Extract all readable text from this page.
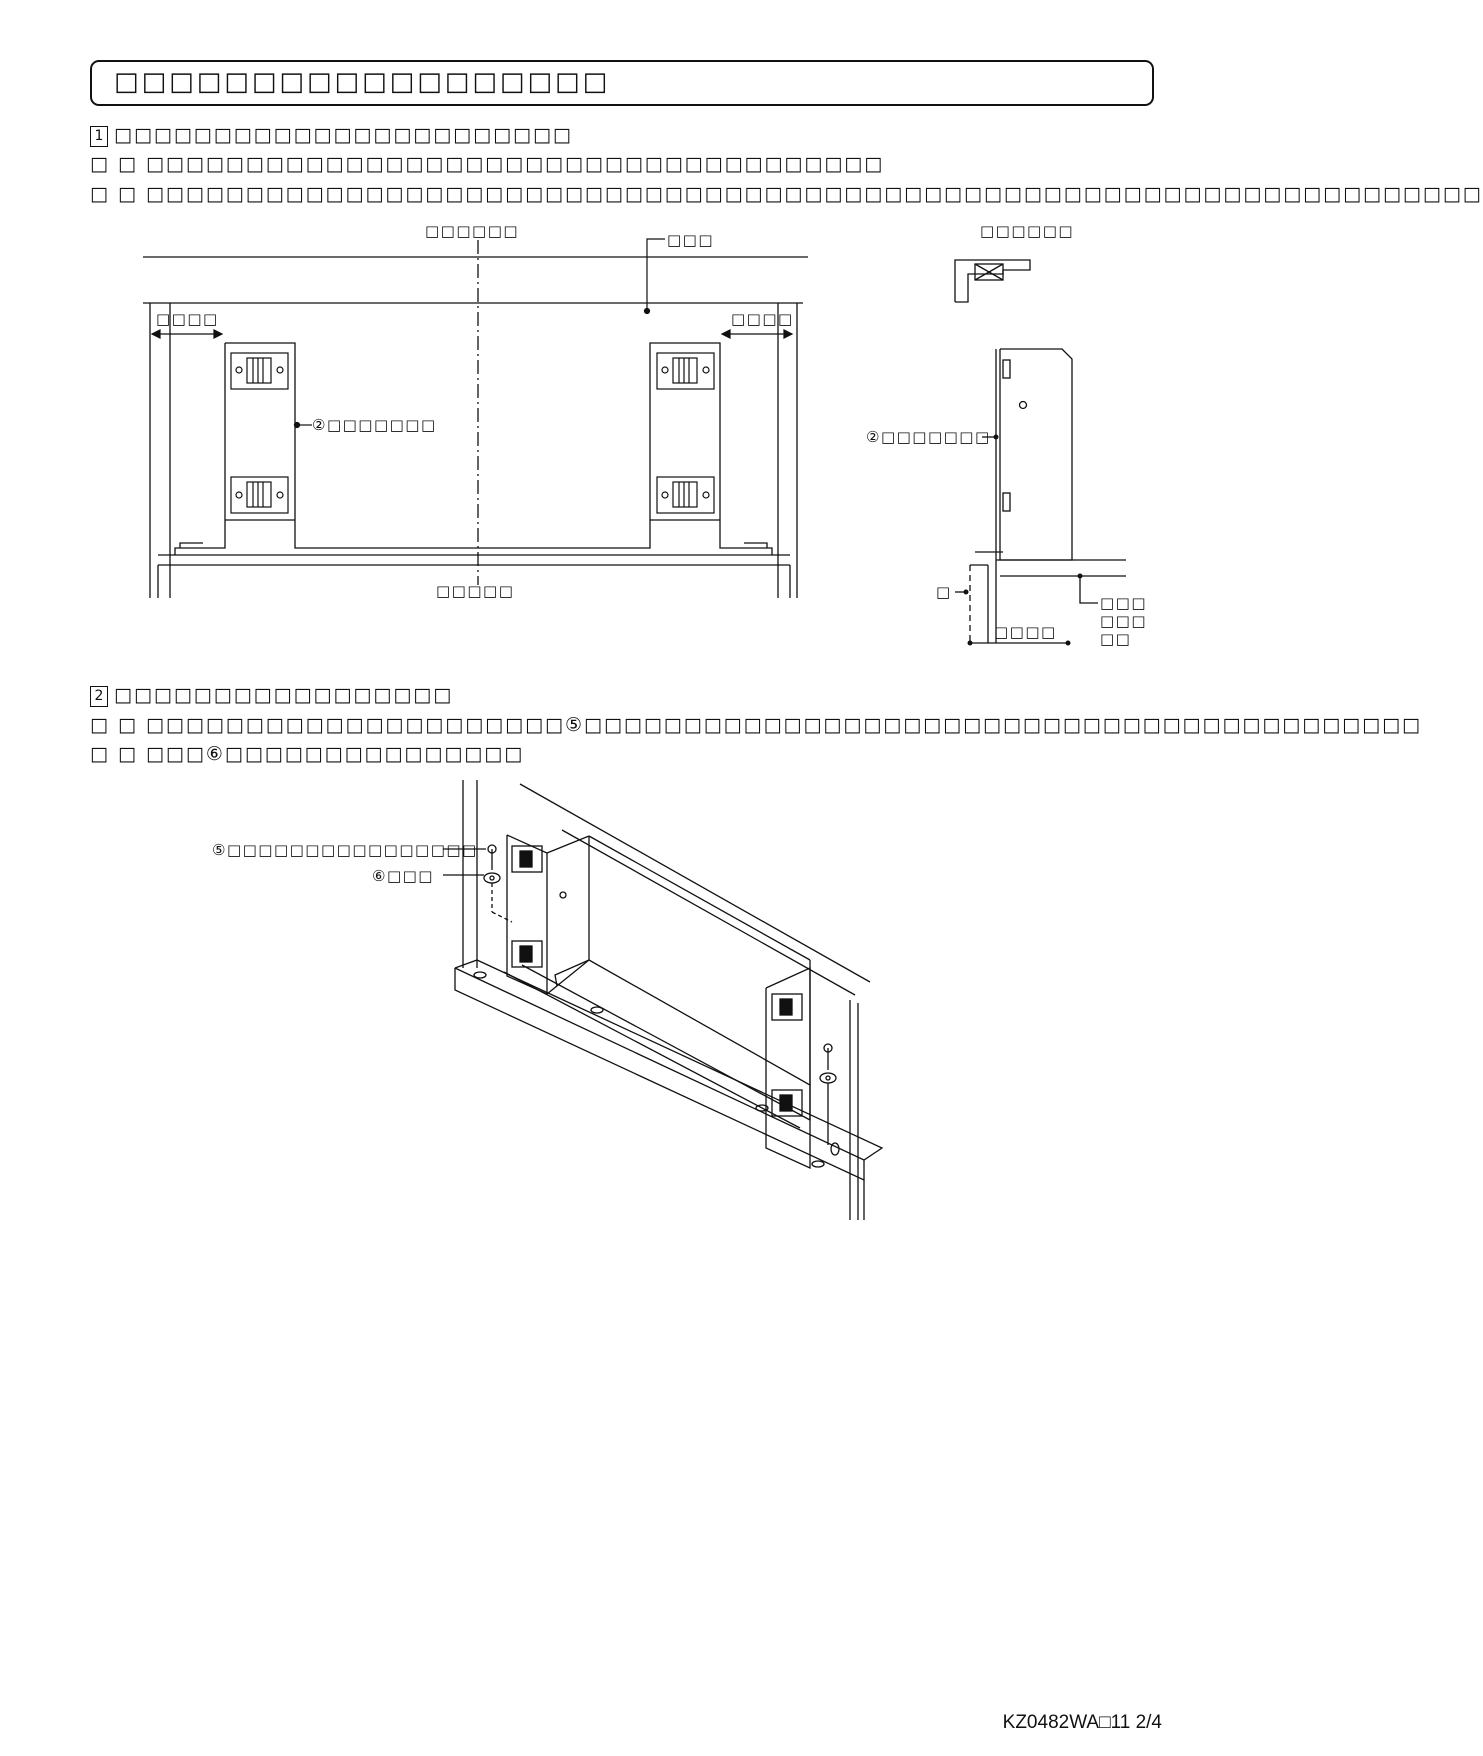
□□□□□□□□□□□□□□□□□□
1 □□□□□□□□□□□□□□□□□□□□□□□
□ □ □□□□□□□□□□□□□□□□□□□□□□□□□□□□□□□□□□□□□
□ □ □□□□□□□□□□□□□□□□□□□□□□□□□□□□□□□□□□□□□□□□□□□□□□□□□□□□□□□□□□□□□□□□□□□
□□□□□□	□□□
□□□□	□□□□
②□□□□□□□
□□□□□
□□□□□□
②□□□□□□□
□
□□□□
□□□
□□□
□□
2 □□□□□□□□□□□□□□□□□
□ □ □□□□□□□□□□□□□□□□□□□□□⑤□□□□□□□□□□□□□□□□□□□□□□□□□□□□□□□□□□□□□□□□□□
□ □ □□□⑥□□□□□□□□□□□□□□□
⑤□□□□□□□□□□□□□□□□
⑥□□□
KZ0482WA□11 2/4
